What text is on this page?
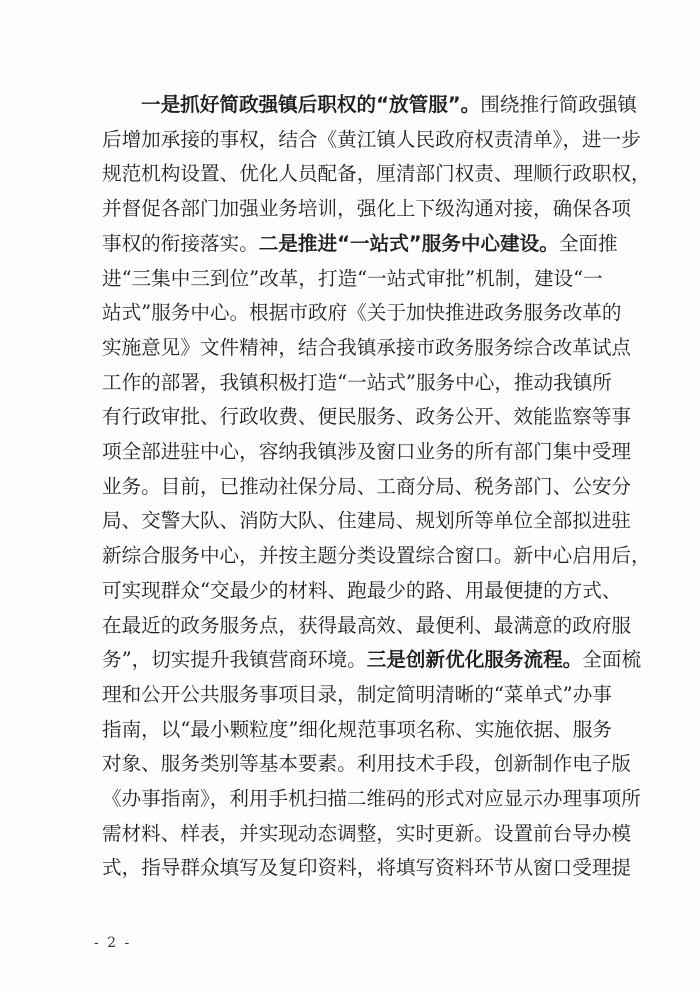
一是抓好简政强镇后职权的“放管服”。围绕推行简政强镇
后增加承接的事权，结合《黄江镇人民政府权责清单》，进一步
规范机构设置、优化人员配备，厘清部门权责、理顺行政职权，
并督促各部门加强业务培训，强化上下级沟通对接，确保各项
事权的衔接落实。二是推进“一站式”服务中心建设。全面推
进“三集中三到位”改革，打造“一站式审批”机制，建设“一
站式”服务中心。根据市政府《关于加快推进政务服务改革的
实施意见》文件精神，结合我镇承接市政务服务综合改革试点
工作的部署，我镇积极打造“一站式”服务中心，推动我镇所
有行政审批、行政收费、便民服务、政务公开、效能监察等事
项全部进驻中心，容纳我镇涉及窗口业务的所有部门集中受理
业务。目前，已推动社保分局、工商分局、税务部门、公安分
局、交警大队、消防大队、住建局、规划所等单位全部拟进驻
新综合服务中心，并按主题分类设置综合窗口。新中心启用后，
可实现群众“交最少的材料、跑最少的路、用最便捷的方式、
在最近的政务服务点，获得最高效、最便利、最满意的政府服
务”，切实提升我镇营商环境。三是创新优化服务流程。全面梳
理和公开公共服务事项目录，制定简明清晰的“菜单式”办事
指南，以“最小颗粒度”细化规范事项名称、实施依据、服务
对象、服务类别等基本要素。利用技术手段，创新制作电子版
《办事指南》，利用手机扫描二维码的形式对应显示办理事项所
需材料、样表，并实现动态调整，实时更新。设置前台导办模
式，指导群众填写及复印资料，将填写资料环节从窗口受理提
- 2 -
